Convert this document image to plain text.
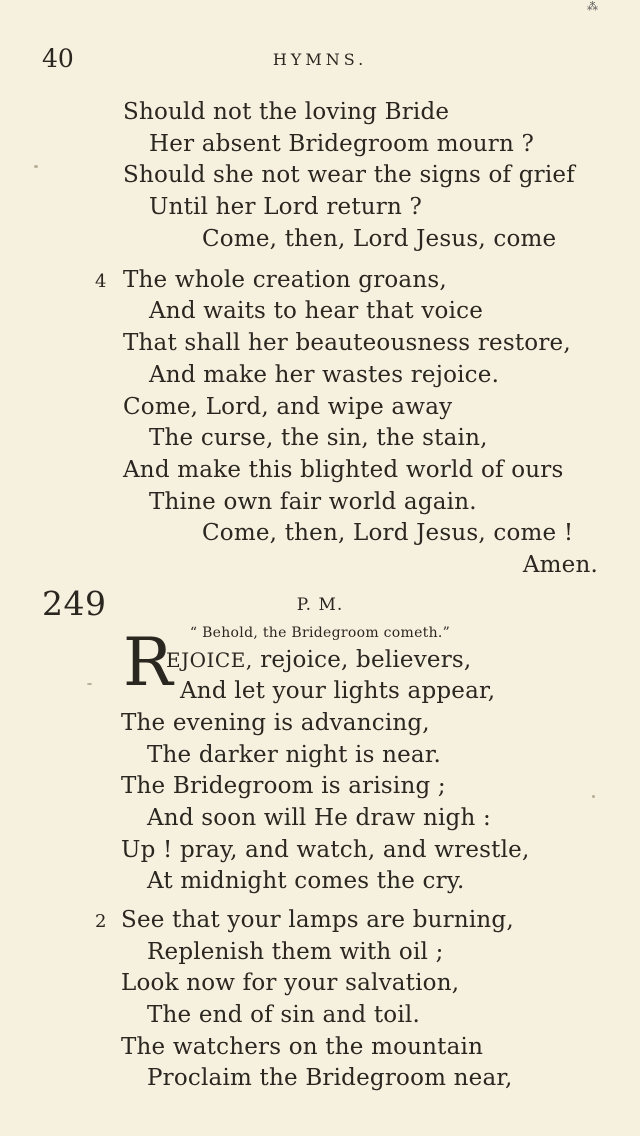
⁂
40	HYMNS.
Should not the loving Bride
Her absent Bridegroom mourn ?
Should she not wear the signs of grief
Until her Lord return ?
Come, then, Lord Jesus, come
4 The whole creation groans,
And waits to hear that voice
That shall her beauteousness restore,
And make her wastes rejoice.
Come, Lord, and wipe away
The curse, the sin, the stain,
And make this blighted world of ours
Thine own fair world again.
Come, then, Lord Jesus, come !
Amen.
249	P. M.
“ Behold, the Bridegroom cometh.”
R
EJOICE, rejoice, believers,
And let your lights appear,
The evening is advancing,
The darker night is near.
The Bridegroom is arising ;
And soon will He draw nigh :
Up ! pray, and watch, and wrestle,
At midnight comes the cry.
2 See that your lamps are burning,
Replenish them with oil ;
Look now for your salvation,
The end of sin and toil.
The watchers on the mountain
Proclaim the Bridegroom near,
